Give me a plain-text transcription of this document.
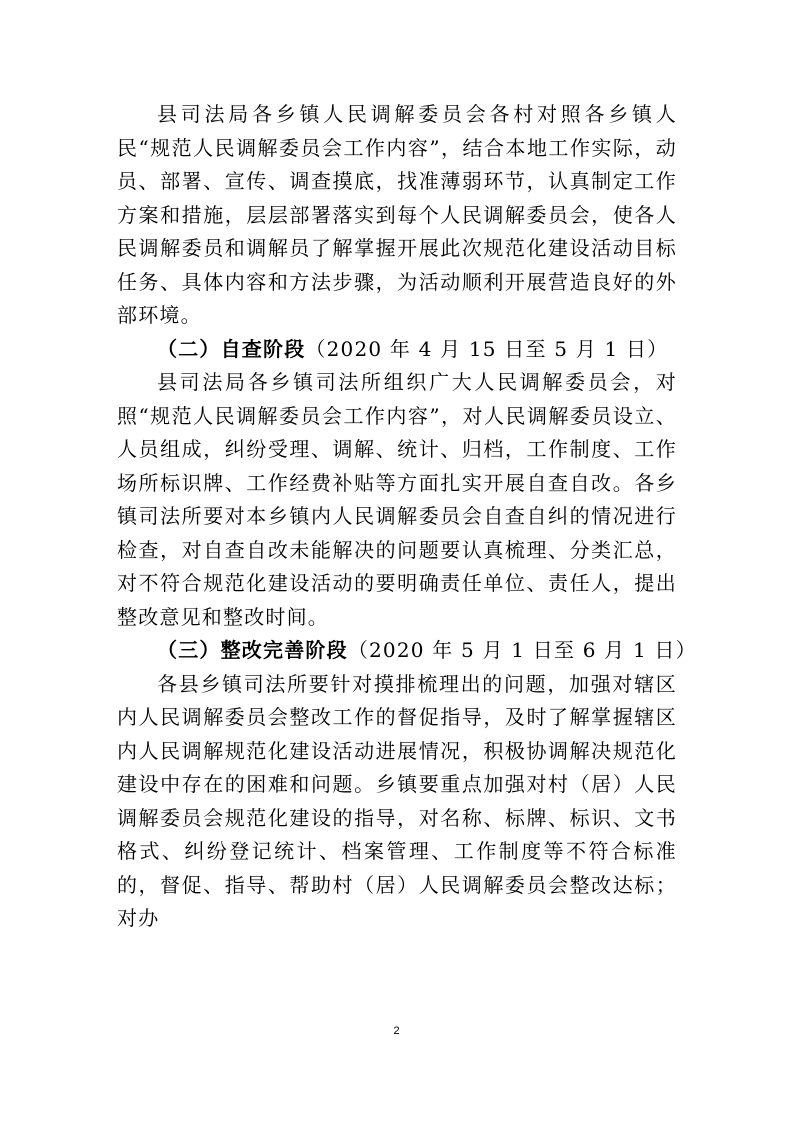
县司法局各乡镇人民调解委员会各村对照各乡镇人民“规范人民调解委员会工作内容”，结合本地工作实际，动员、部署、宣传、调查摸底，找准薄弱环节，认真制定工作方案和措施，层层部署落实到每个人民调解委员会，使各人民调解委员和调解员了解掌握开展此次规范化建设活动目标任务、具体内容和方法步骤，为活动顺利开展营造良好的外部环境。

（二）自查阶段（2020 年 4 月 15 日至 5 月 1 日）

县司法局各乡镇司法所组织广大人民调解委员会，对照“规范人民调解委员会工作内容”，对人民调解委员设立、人员组成，纠纷受理、调解、统计、归档，工作制度、工作场所标识牌、工作经费补贴等方面扎实开展自查自改。各乡镇司法所要对本乡镇内人民调解委员会自查自纠的情况进行检查，对自查自改未能解决的问题要认真梳理、分类汇总，对不符合规范化建设活动的要明确责任单位、责任人，提出整改意见和整改时间。

（三）整改完善阶段（2020 年 5 月 1 日至 6 月 1 日）

各县乡镇司法所要针对摸排梳理出的问题，加强对辖区内人民调解委员会整改工作的督促指导，及时了解掌握辖区内人民调解规范化建设活动进展情况，积极协调解决规范化建设中存在的困难和问题。乡镇要重点加强对村（居）人民调解委员会规范化建设的指导，对名称、标牌、标识、文书格式、纠纷登记统计、档案管理、工作制度等不符合标准的，督促、指导、帮助村（居）人民调解委员会整改达标；对办

2
